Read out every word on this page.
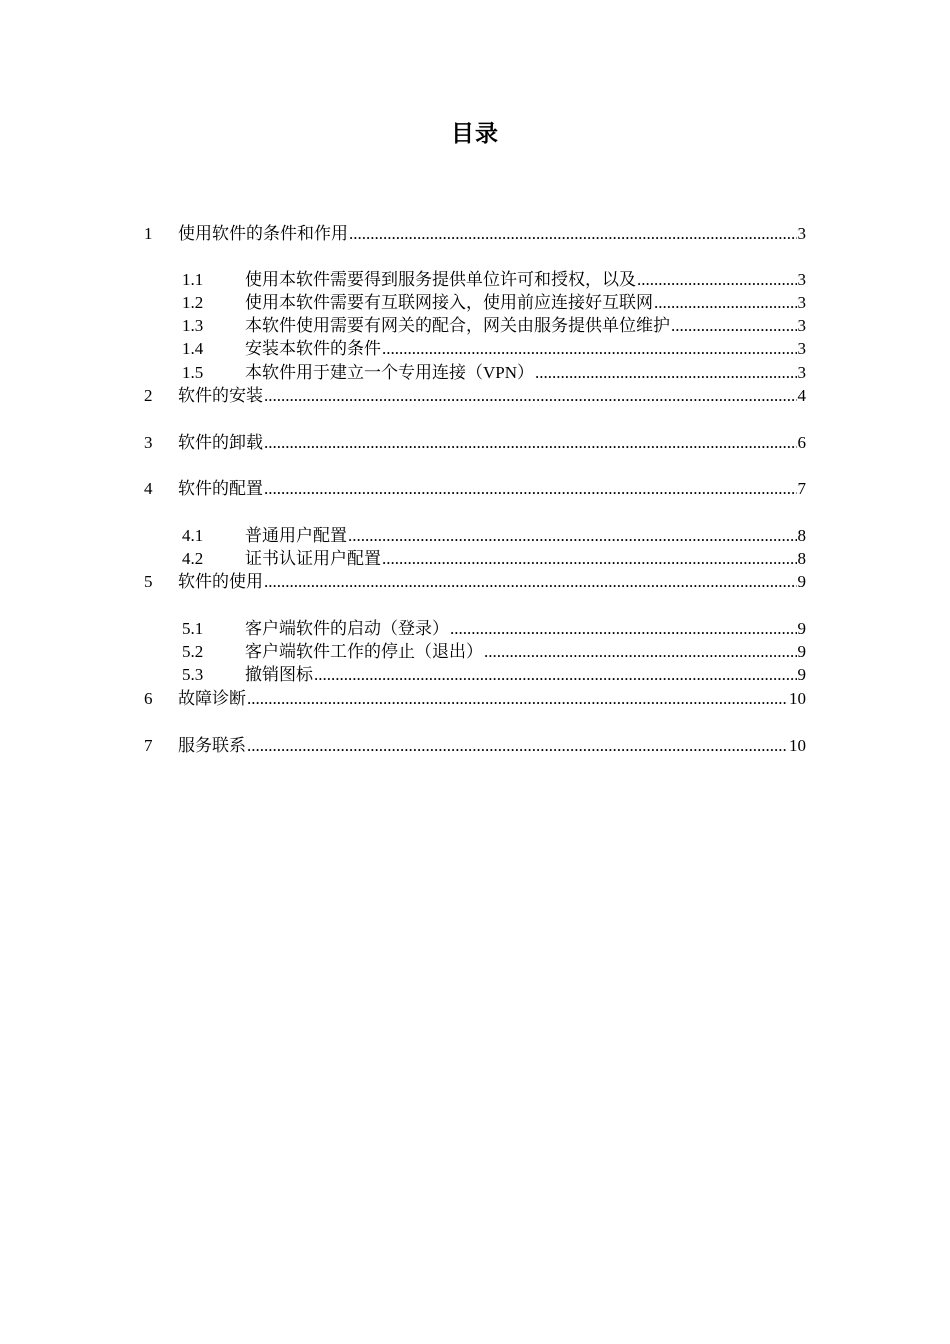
目录
1 使用软件的条件和作用 .....	3
1.1 使用本软件需要得到服务提供单位许可和授权，以及 .....	3
1.2 使用本软件需要有互联网接入，使用前应连接好互联网 .....	3
1.3 本软件使用需要有网关的配合，网关由服务提供单位维护 .....	3
1.4 安装本软件的条件 .....	3
1.5 本软件用于建立一个专用连接（VPN） .....	3
2 软件的安装 .....	4
3 软件的卸载 .....	6
4 软件的配置 .....	7
4.1 普通用户配置 .....	8
4.2 证书认证用户配置 .....	8
5 软件的使用 .....	9
5.1 客户端软件的启动（登录） .....	9
5.2 客户端软件工作的停止（退出） .....	9
5.3 撤销图标 .....	9
6 故障诊断 .....	10
7 服务联系 .....	10
